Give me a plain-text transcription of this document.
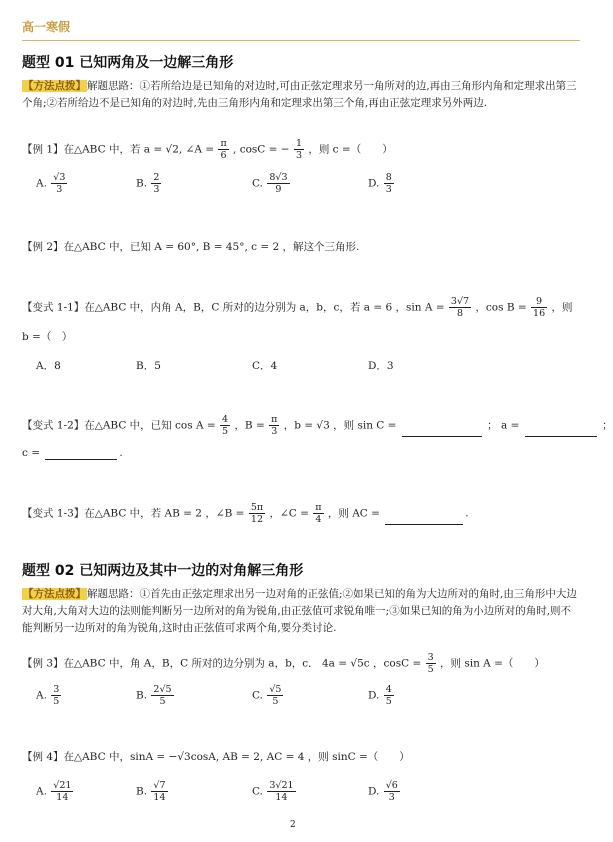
高一寒假
题型 01 已知两角及一边解三角形
【方法点拨】解题思路：①若所给边是已知角的对边时,可由正弦定理求另一角所对的边,再由三角形内角和定理求出第三个角;②若所给边不是已知角的对边时,先由三角形内角和定理求出第三个角,再由正弦定理求另外两边.
【例 1】在△ABC 中，若 a = √2, ∠A = $\frac{\pi}{6}$ , cosC = − $\frac{1}{3}$ ，则 c =（　　）
A. $\frac{√3}{3}$	B. $\frac{2}{3}$	C. $\frac{8√3}{9}$	D. $\frac{8}{3}$
【例 2】在△ABC 中，已知 A = 60°, B = 45°, c = 2 ，解这个三角形.
【变式 1-1】在△ABC 中，内角 A，B，C 所对的边分别为 a，b，c，若 a = 6 ，$\sin A = \frac{3√7}{8}$ ，$\cos B = \frac{9}{16}$ ，则
b =（　）
A．8	B．5	C．4	D．3
【变式 1-2】在△ABC 中，已知 $\cos A = \frac{4}{5}$ ，$B = \frac{\pi}{3}$ ，b = √3 ，则 sin C =	； a =	；
c =	.
【变式 1-3】在△ABC 中，若 AB = 2 ，∠B = $\frac{5\pi}{12}$ ，∠C = $\frac{\pi}{4}$ ，则 AC =	.
题型 02 已知两边及其中一边的对角解三角形
【方法点拨】解题思路：①首先由正弦定理求出另一边对角的正弦值;②如果已知的角为大边所对的角时,由三角形中大边对大角,大角对大边的法则能判断另一边所对的角为锐角,由正弦值可求锐角唯一;③如果已知的角为小边所对的角时,则不能判断另一边所对的角为锐角,这时由正弦值可求两个角,要分类讨论.
【例 3】在△ABC 中，角 A，B，C 所对的边分别为 a，b，c． 4a = √5c ，$\cos C = \frac{3}{5}$ ，则 sin A =（　　）
A. $\frac{3}{5}$	B. $\frac{2√5}{5}$	C. $\frac{√5}{5}$	D. $\frac{4}{5}$
【例 4】在△ABC 中，sinA = −√3cosA, AB = 2, AC = 4 ，则 sinC =（　　）
A. $\frac{√21}{14}$	B. $\frac{√7}{14}$	C. $\frac{3√21}{14}$	D. $\frac{√6}{3}$
2
